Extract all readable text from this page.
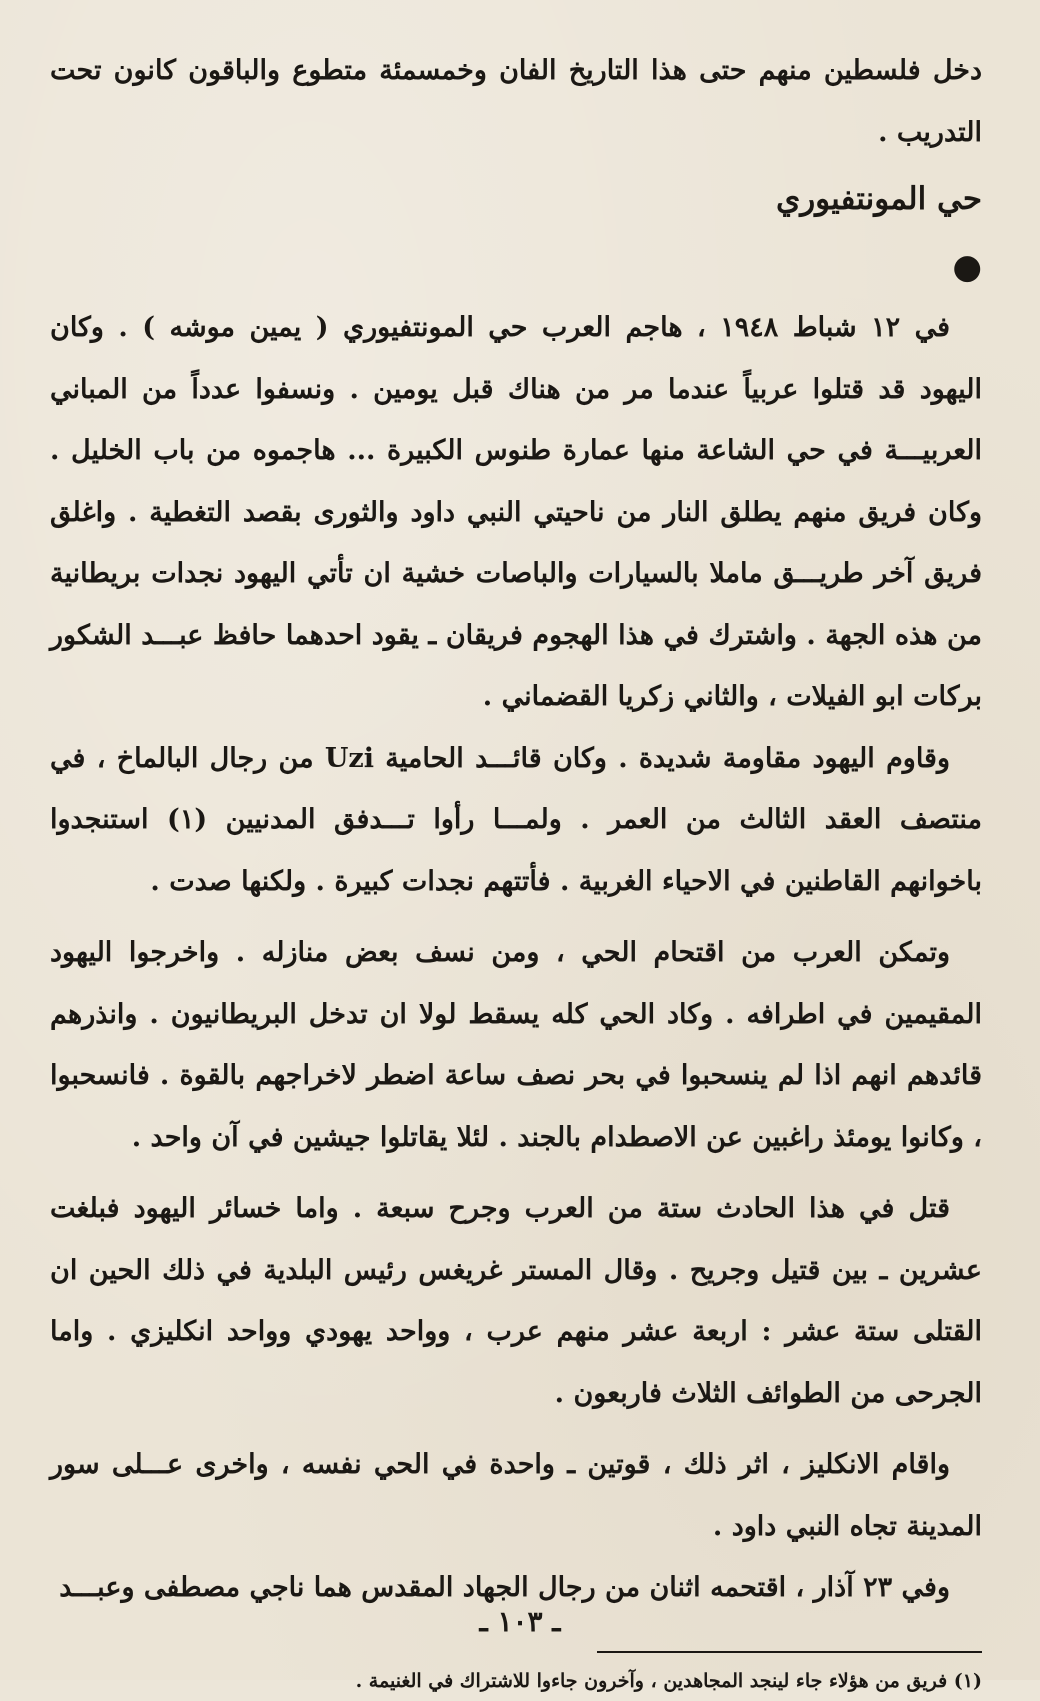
دخل فلسطين منهم حتى هذا التاريخ الفان وخمسمئة متطوع والباقون كانون تحت التدريب .

حي المونتفيوري
●

في ١٢ شباط ١٩٤٨ ، هاجم العرب حي المونتفيوري ( يمين موشه ) . وكان اليهود قد قتلوا عربياً عندما مر من هناك قبل يومين . ونسفوا عدداً من المباني العربيـــة في حي الشاعة منها عمارة طنوس الكبيرة ... هاجموه من باب الخليل . وكان فريق منهم يطلق النار من ناحيتي النبي داود والثورى بقصد التغطية . واغلق فريق آخر طريـــق ماملا بالسيارات والباصات خشية ان تأتي اليهود نجدات بريطانية من هذه الجهة . واشترك في هذا الهجوم فريقان ـ يقود احدهما حافظ عبـــد الشكور بركات ابو الفيلات ، والثاني زكريا القضماني .

وقاوم اليهود مقاومة شديدة . وكان قائـــد الحامية Uzi من رجال البالماخ ، في منتصف العقد الثالث من العمر . ولمـــا رأوا تـــدفق المدنيين (١) استنجدوا باخوانهم القاطنين في الاحياء الغربية . فأتتهم نجدات كبيرة . ولكنها صدت .

وتمكن العرب من اقتحام الحي ، ومن نسف بعض منازله . واخرجوا اليهود المقيمين في اطرافه . وكاد الحي كله يسقط لولا ان تدخل البريطانيون . وانذرهم قائدهم انهم اذا لم ينسحبوا في بحر نصف ساعة اضطر لاخراجهم بالقوة . فانسحبوا ، وكانوا يومئذ راغبين عن الاصطدام بالجند . لئلا يقاتلوا جيشين في آن واحد .

قتل في هذا الحادث ستة من العرب وجرح سبعة . واما خسائر اليهود فبلغت عشرين ـ بين قتيل وجريح . وقال المستر غريغس رئيس البلدية في ذلك الحين ان القتلى ستة عشر : اربعة عشر منهم عرب ، وواحد يهودي وواحد انكليزي . واما الجرحى من الطوائف الثلاث فاربعون .

واقام الانكليز ، اثر ذلك ، قوتين ـ واحدة في الحي نفسه ، واخرى عـــلى سور المدينة تجاه النبي داود .

وفي ٢٣ آذار ، اقتحمه اثنان من رجال الجهاد المقدس هما ناجي مصطفى وعبـــد

(١) فريق من هؤلاء جاء لينجد المجاهدين ، وآخرون جاءوا للاشتراك في الغنيمة .
ـ ١٠٣ ـ
